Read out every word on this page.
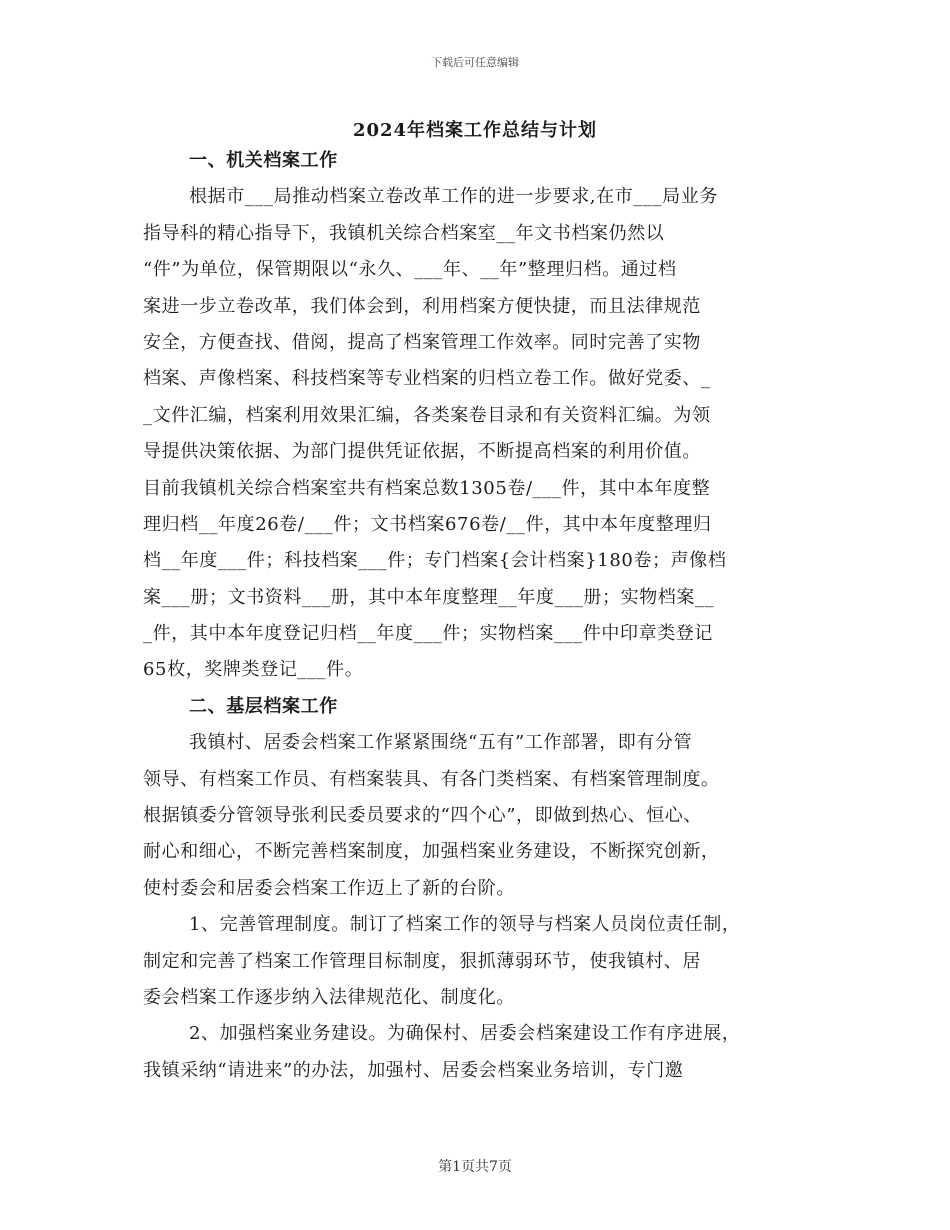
下载后可任意编辑
2024年档案工作总结与计划
一、机关档案工作
根据市___局推动档案立卷改革工作的进一步要求,在市___局业务
指导科的精心指导下，我镇机关综合档案室__年文书档案仍然以
“件”为单位，保管期限以“永久、___年、__年”整理归档。通过档
案进一步立卷改革，我们体会到，利用档案方便快捷，而且法律规范
安全，方便查找、借阅，提高了档案管理工作效率。同时完善了实物
档案、声像档案、科技档案等专业档案的归档立卷工作。做好党委、_
_文件汇编，档案利用效果汇编，各类案卷目录和有关资料汇编。为领
导提供决策依据、为部门提供凭证依据，不断提高档案的利用价值。
目前我镇机关综合档案室共有档案总数1305卷/___件，其中本年度整
理归档__年度26卷/___件；文书档案676卷/__件，其中本年度整理归
档__年度___件；科技档案___件；专门档案{会计档案}180卷；声像档
案___册；文书资料___册，其中本年度整理__年度___册；实物档案__
_件，其中本年度登记归档__年度___件；实物档案___件中印章类登记
65枚，奖牌类登记___件。
二、基层档案工作
我镇村、居委会档案工作紧紧围绕“五有”工作部署，即有分管
领导、有档案工作员、有档案装具、有各门类档案、有档案管理制度。
根据镇委分管领导张利民委员要求的“四个心”，即做到热心、恒心、
耐心和细心，不断完善档案制度，加强档案业务建设，不断探究创新，
使村委会和居委会档案工作迈上了新的台阶。
1、完善管理制度。制订了档案工作的领导与档案人员岗位责任制，
制定和完善了档案工作管理目标制度，狠抓薄弱环节，使我镇村、居
委会档案工作逐步纳入法律规范化、制度化。
2、加强档案业务建设。为确保村、居委会档案建设工作有序进展，
我镇采纳“请进来”的办法，加强村、居委会档案业务培训，专门邀
第1页共7页
